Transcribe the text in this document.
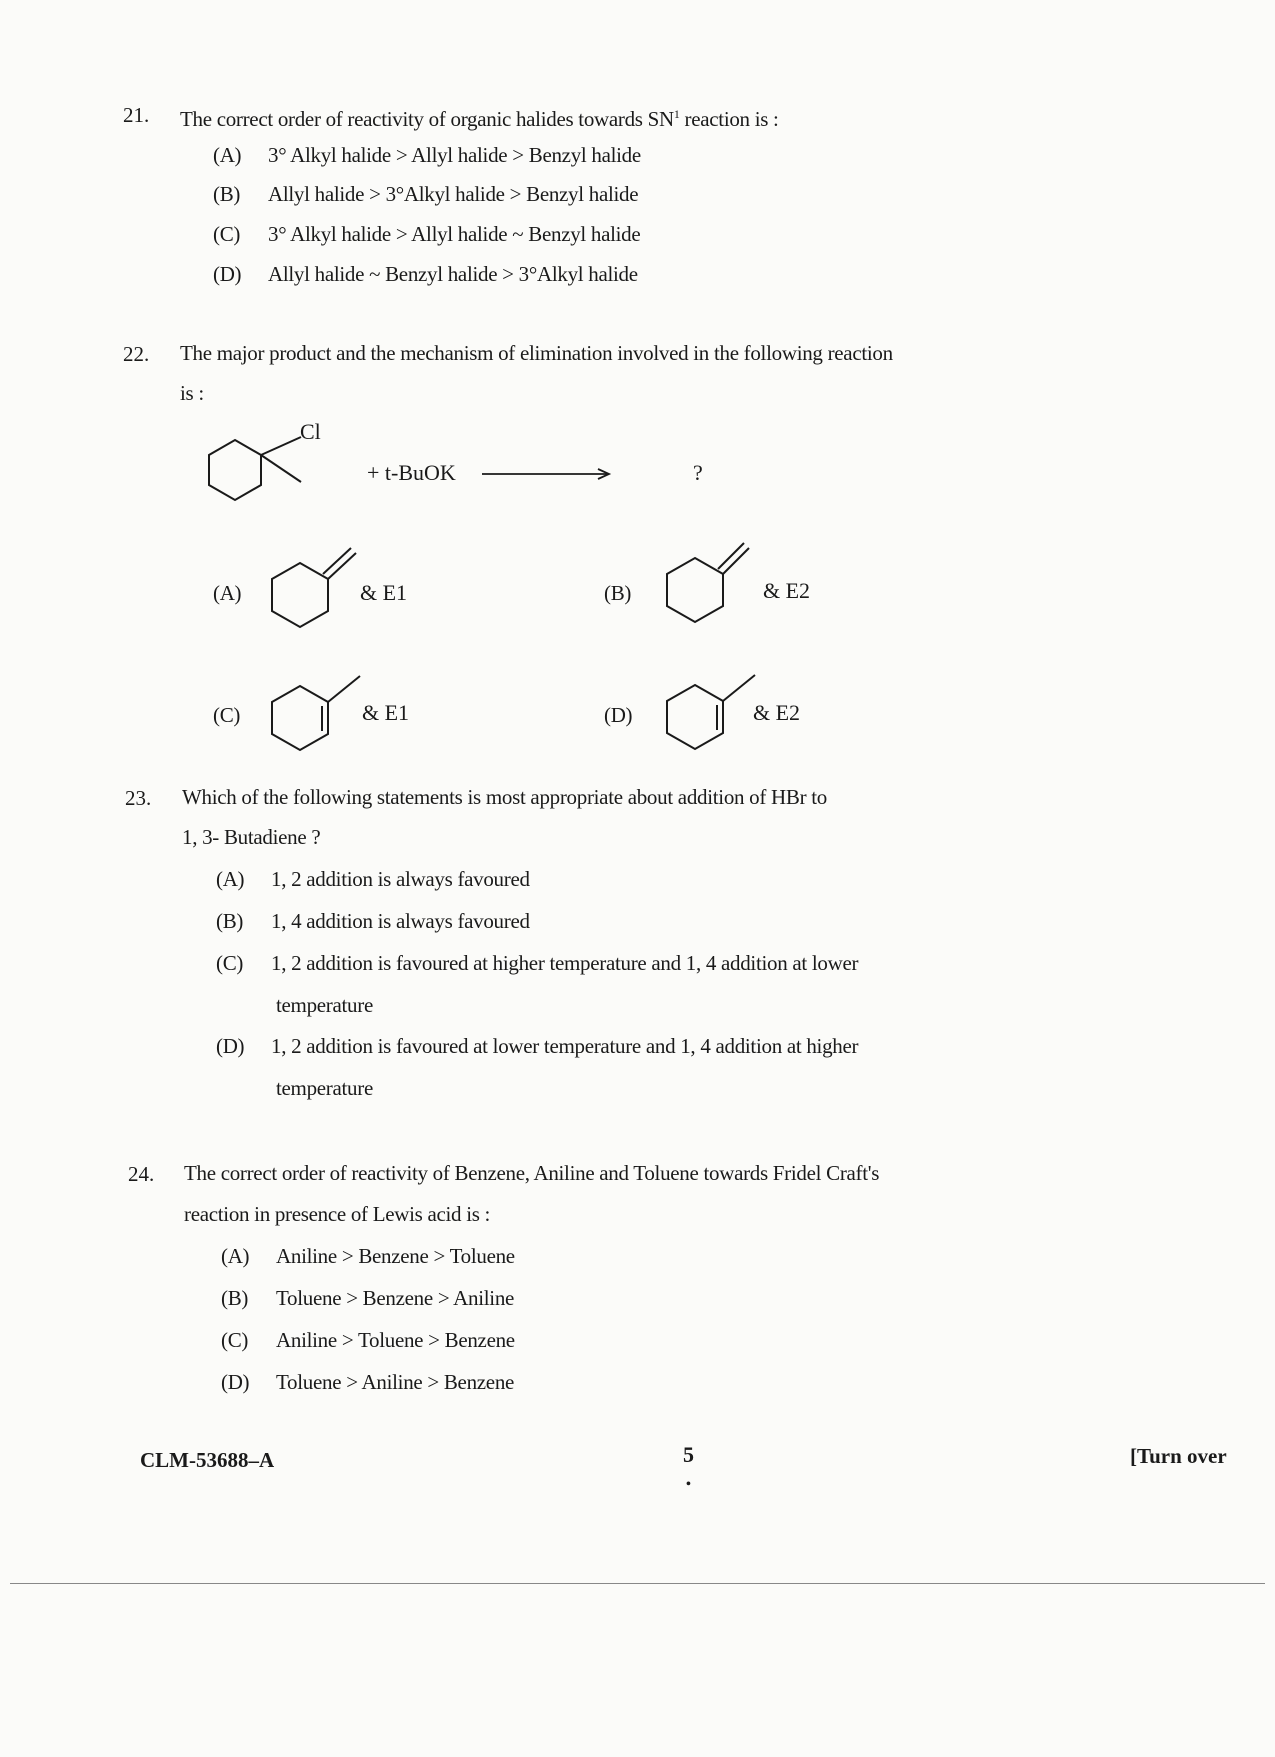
21. The correct order of reactivity of organic halides towards $SN^1$ reaction is :
(A) 3° Alkyl halide > Allyl halide > Benzyl halide
(B) Allyl halide > 3°Alkyl halide > Benzyl halide
(C) 3° Alkyl halide > Allyl halide ~ Benzyl halide
(D) Allyl halide ~ Benzyl halide > 3°Alkyl halide
22. The major product and the mechanism of elimination involved in the following reaction
is :
Cl
+ t-BuOK	?
(A)	& E1	(B)	& E2
(C)	& E1	(D)	& E2
23. Which of the following statements is most appropriate about addition of HBr to
1, 3- Butadiene ?
(A) 1, 2 addition is always favoured
(B) 1, 4 addition is always favoured
(C) 1, 2 addition is favoured at higher temperature and 1, 4 addition at lower
temperature
(D) 1, 2 addition is favoured at lower temperature and 1, 4 addition at higher
temperature
24. The correct order of reactivity of Benzene, Aniline and Toluene towards Fridel Craft's
reaction in presence of Lewis acid is :
(A) Aniline > Benzene > Toluene
(B) Toluene > Benzene > Aniline
(C) Aniline > Toluene > Benzene
(D) Toluene > Aniline > Benzene
CLM-53688–A	5
•
[Turn over
